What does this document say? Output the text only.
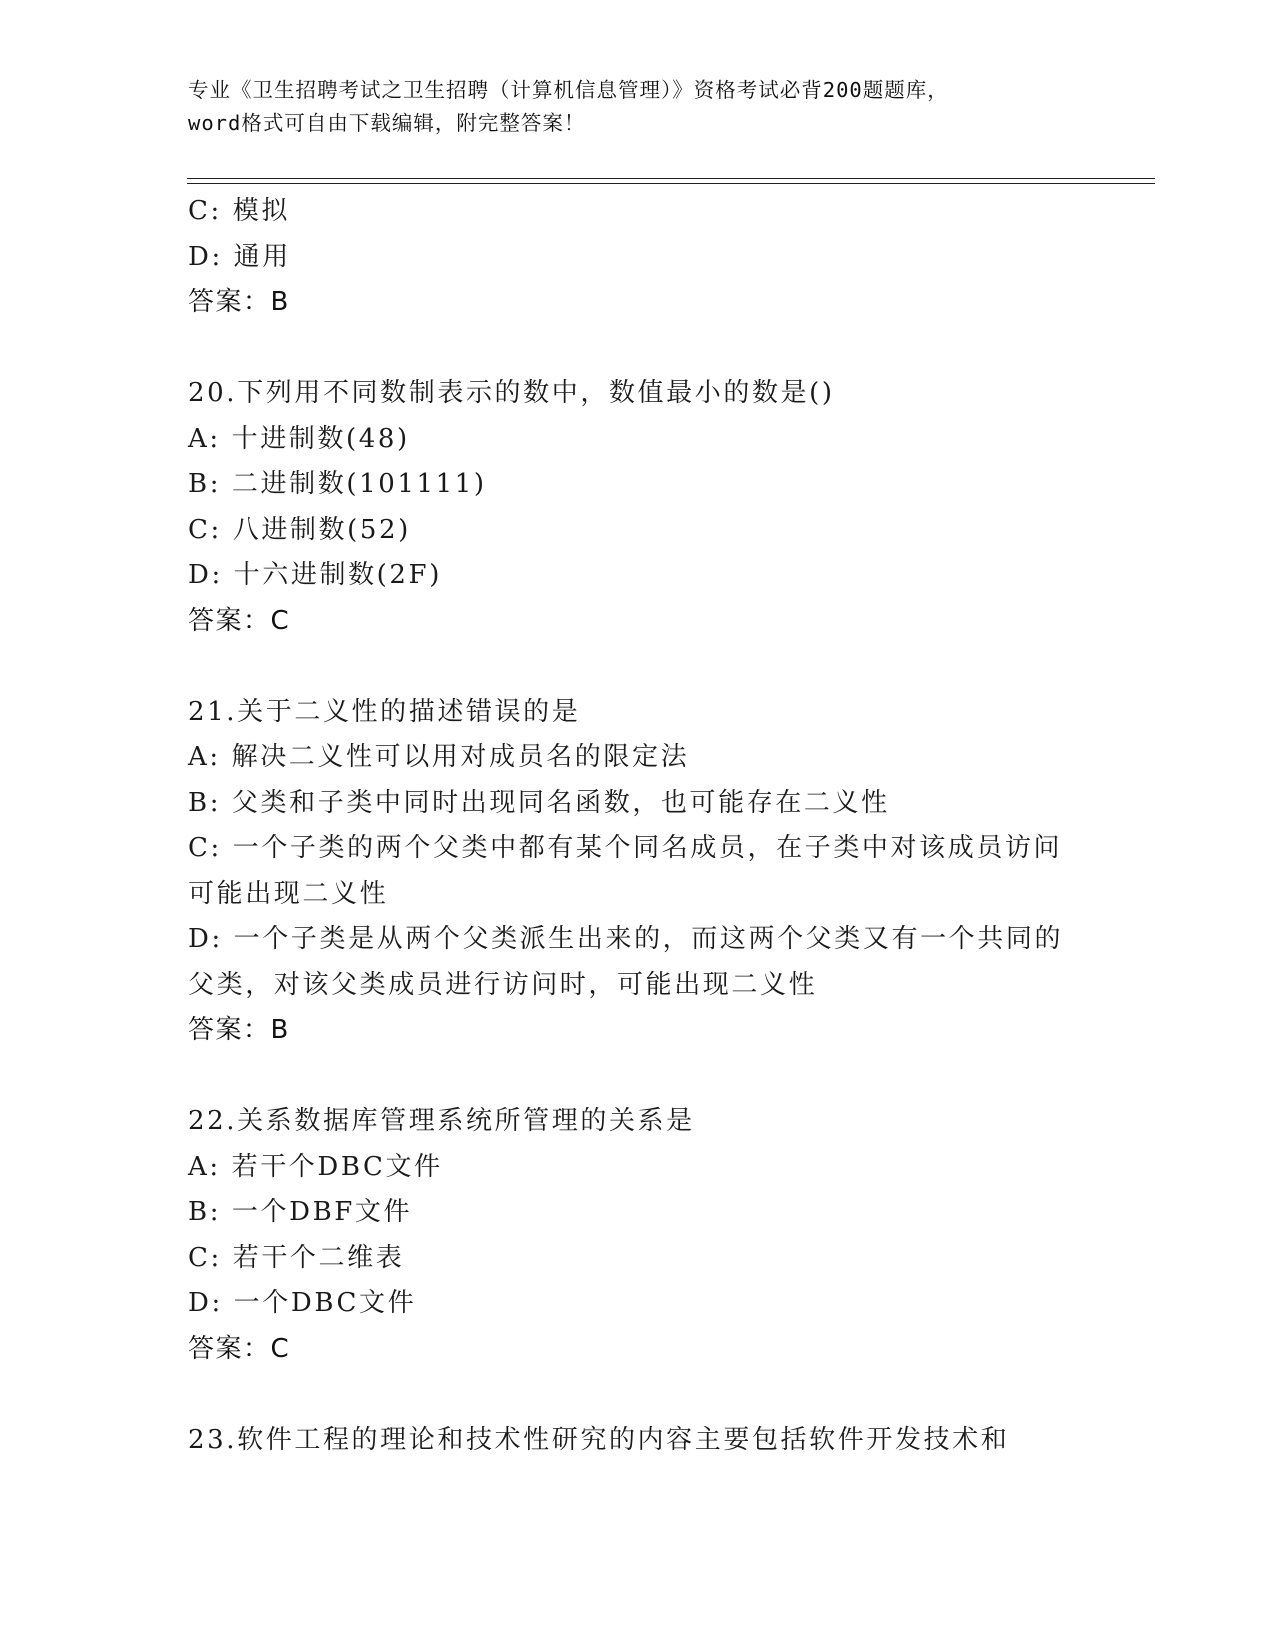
专业《卫生招聘考试之卫生招聘（计算机信息管理）》资格考试必背200题题库，
word格式可自由下载编辑，附完整答案！
C: 模拟
D: 通用
答案：B
20.下列用不同数制表示的数中，数值最小的数是()
A: 十进制数(48)
B: 二进制数(101111)
C: 八进制数(52)
D: 十六进制数(2F)
答案：C
21.关于二义性的描述错误的是
A: 解决二义性可以用对成员名的限定法
B: 父类和子类中同时出现同名函数，也可能存在二义性
C: 一个子类的两个父类中都有某个同名成员，在子类中对该成员访问
可能出现二义性
D: 一个子类是从两个父类派生出来的，而这两个父类又有一个共同的
父类，对该父类成员进行访问时，可能出现二义性
答案：B
22.关系数据库管理系统所管理的关系是
A: 若干个DBC文件
B: 一个DBF文件
C: 若干个二维表
D: 一个DBC文件
答案：C
23.软件工程的理论和技术性研究的内容主要包括软件开发技术和
